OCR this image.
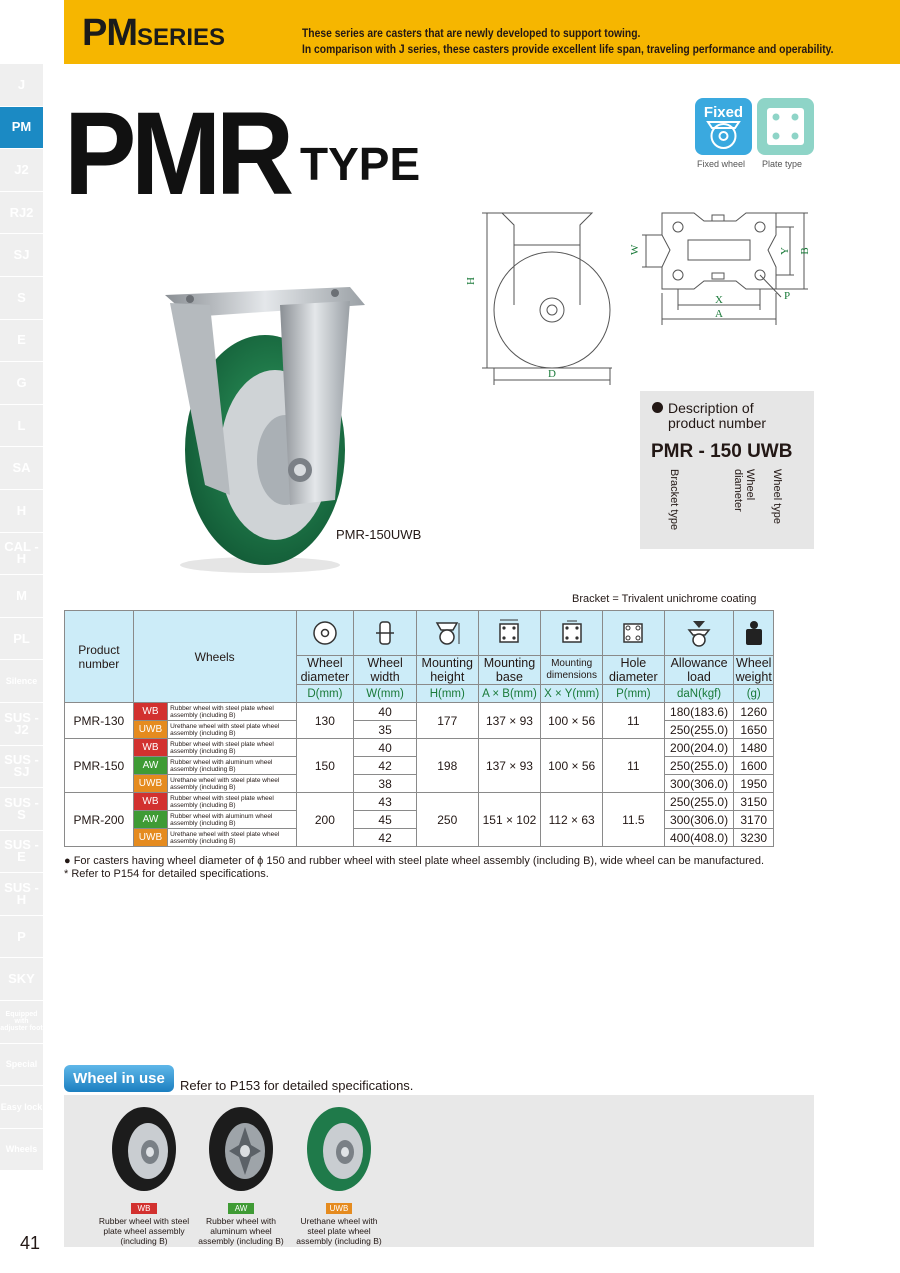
PMSERIES	These series are casters that are newly developed to support towing.
In comparison with J series, these casters provide excellent life span, traveling performance and operability.
J
PM
J2
RJ2
SJ
S
E
G
L
SA
H
CAL -H
M
PL
Silence
SUS -J2
SUS -SJ
SUS -S
SUS -E
SUS -H
P
SKY
Equipped with adjuster foot
Special
Easy lock
Wheels
PMR TYPE
Fixed
Fixed wheel Plate type
PMR-150UWB
H
D
W
X
A
Y B
P
Description of
product number
PMR - 150 UWB
Bracket type	Wheel diameter	Wheel type
Bracket = Trivalent unichrome coating
Product number	Wheels	

			Wheel diameter	Wheel width	Mounting height	Mounting base	Mounting dimensions	Hole diameter	Allowance load	Wheel weight
			D(mm)	W(mm)	H(mm)	A × B(mm)	X × Y(mm)	P(mm)	daN(kgf)	(g)
PMR-130	WB	Rubber wheel with steel plate wheel assembly (including B)	130	40	177	137 × 93	100 × 56	11	180(183.6)	1260
	UWB	Urethane wheel with steel plate wheel assembly (including B)		35					250(255.0)	1650
PMR-150	WB	Rubber wheel with steel plate wheel assembly (including B)	150	40	198	137 × 93	100 × 56	11	200(204.0)	1480
	AW	Rubber wheel with aluminum wheel assembly (including B)		42					250(255.0)	1600
	UWB	Urethane wheel with steel plate wheel assembly (including B)		38					300(306.0)	1950
PMR-200	WB	Rubber wheel with steel plate wheel assembly (including B)	200	43	250	151 × 102	112 × 63	11.5	250(255.0)	3150
	AW	Rubber wheel with aluminum wheel assembly (including B)		45					300(306.0)	3170
	UWB	Urethane wheel with steel plate wheel assembly (including B)		42					400(408.0)	3230
● For casters having wheel diameter of ϕ 150 and rubber wheel with steel plate wheel assembly (including B), wide wheel can be manufactured.
* Refer to P154 for detailed specifications.
Wheel in use	Refer to P153 for detailed specifications.
WB
Rubber wheel with steel
plate wheel assembly
(including B)
AW
Rubber wheel with
aluminum wheel
assembly (including B)
UWB
Urethane wheel with
steel plate wheel
assembly (including B)
41
